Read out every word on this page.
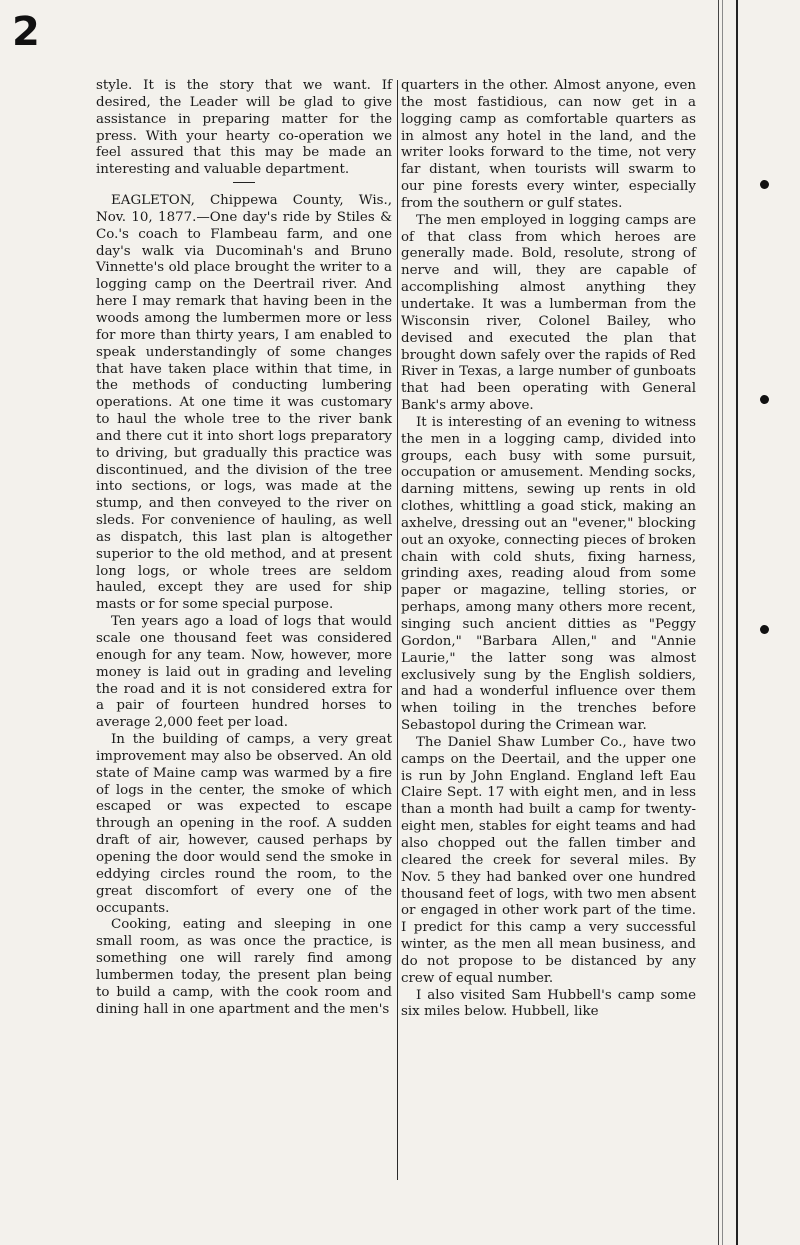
2

style. It is the story that we want. If desired, the Leader will be glad to give assistance in preparing matter for the press. With your hearty co-operation we feel assured that this may be made an interesting and valuable department.

EAGLETON, Chippewa County, Wis., Nov. 10, 1877.—One day's ride by Stiles & Co.'s coach to Flambeau farm, and one day's walk via Ducominah's and Bruno Vinnette's old place brought the writer to a logging camp on the Deertrail river. And here I may remark that having been in the woods among the lumbermen more or less for more than thirty years, I am enabled to speak understandingly of some changes that have taken place within that time, in the methods of conducting lumbering operations. At one time it was customary to haul the whole tree to the river bank and there cut it into short logs preparatory to driving, but gradually this practice was discontinued, and the division of the tree into sections, or logs, was made at the stump, and then conveyed to the river on sleds. For convenience of hauling, as well as dispatch, this last plan is altogether superior to the old method, and at present long logs, or whole trees are seldom hauled, except they are used for ship masts or for some special purpose.

Ten years ago a load of logs that would scale one thousand feet was considered enough for any team. Now, however, more money is laid out in grading and leveling the road and it is not considered extra for a pair of fourteen hundred horses to average 2,000 feet per load.

In the building of camps, a very great improvement may also be observed. An old state of Maine camp was warmed by a fire of logs in the center, the smoke of which escaped or was expected to escape through an opening in the roof. A sudden draft of air, however, caused perhaps by opening the door would send the smoke in eddying circles round the room, to the great discomfort of every one of the occupants.

Cooking, eating and sleeping in one small room, as was once the practice, is something one will rarely find among lumbermen today, the present plan being to build a camp, with the cook room and dining hall in one apartment and the men's

quarters in the other. Almost anyone, even the most fastidious, can now get in a logging camp as comfortable quarters as in almost any hotel in the land, and the writer looks forward to the time, not very far distant, when tourists will swarm to our pine forests every winter, especially from the southern or gulf states.

The men employed in logging camps are of that class from which heroes are generally made. Bold, resolute, strong of nerve and will, they are capable of accomplishing almost anything they undertake. It was a lumberman from the Wisconsin river, Colonel Bailey, who devised and executed the plan that brought down safely over the rapids of Red River in Texas, a large number of gunboats that had been operating with General Bank's army above.

It is interesting of an evening to witness the men in a logging camp, divided into groups, each busy with some pursuit, occupation or amusement. Mending socks, darning mittens, sewing up rents in old clothes, whittling a goad stick, making an axhelve, dressing out an "evener," blocking out an oxyoke, connecting pieces of broken chain with cold shuts, fixing harness, grinding axes, reading aloud from some paper or magazine, telling stories, or perhaps, among many others more recent, singing such ancient ditties as "Peggy Gordon," "Barbara Allen," and "Annie Laurie," the latter song was almost exclusively sung by the English soldiers, and had a wonderful influence over them when toiling in the trenches before Sebastopol during the Crimean war.

The Daniel Shaw Lumber Co., have two camps on the Deertail, and the upper one is run by John England. England left Eau Claire Sept. 17 with eight men, and in less than a month had built a camp for twenty-eight men, stables for eight teams and had also chopped out the fallen timber and cleared the creek for several miles. By Nov. 5 they had banked over one hundred thousand feet of logs, with two men absent or engaged in other work part of the time. I predict for this camp a very successful winter, as the men all mean business, and do not propose to be distanced by any crew of equal number.

I also visited Sam Hubbell's camp some six miles below. Hubbell, like
